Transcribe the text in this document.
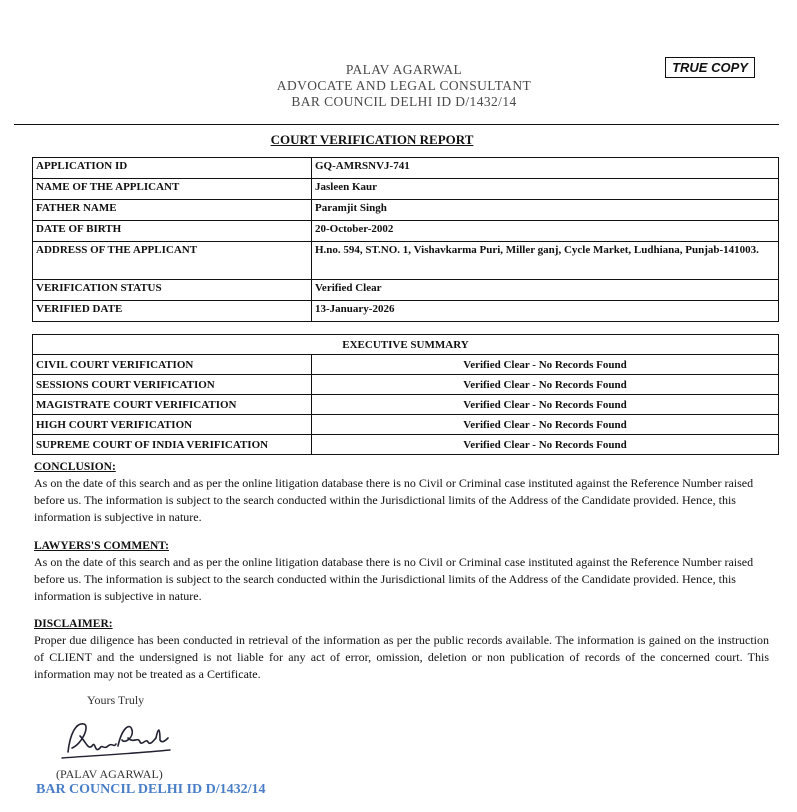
PALAV AGARWAL
ADVOCATE AND LEGAL CONSULTANT
BAR COUNCIL DELHI ID D/1432/14
TRUE COPY
COURT VERIFICATION REPORT
APPLICATION ID	GQ-AMRSNVJ-741
NAME OF THE APPLICANT	Jasleen Kaur
FATHER NAME	Paramjit Singh
DATE OF BIRTH	20-October-2002
ADDRESS OF THE APPLICANT	H.no. 594, ST.NO. 1, Vishavkarma Puri, Miller ganj, Cycle Market, Ludhiana, Punjab-141003.
VERIFICATION STATUS	Verified Clear
VERIFIED DATE	13-January-2026
EXECUTIVE SUMMARY	
CIVIL COURT VERIFICATION	Verified Clear - No Records Found
SESSIONS COURT VERIFICATION	Verified Clear - No Records Found
MAGISTRATE COURT VERIFICATION	Verified Clear - No Records Found
HIGH COURT VERIFICATION	Verified Clear - No Records Found
SUPREME COURT OF INDIA VERIFICATION	Verified Clear - No Records Found
CONCLUSION:

As on the date of this search and as per the online litigation database there is no Civil or Criminal case instituted against the Reference Number raised before us. The information is subject to the search conducted within the Jurisdictional limits of the Address of the Candidate provided. Hence, this information is subjective in nature.

LAWYERS'S COMMENT:

As on the date of this search and as per the online litigation database there is no Civil or Criminal case instituted against the Reference Number raised before us. The information is subject to the search conducted within the Jurisdictional limits of the Address of the Candidate provided. Hence, this information is subjective in nature.

DISCLAIMER:

Proper due diligence has been conducted in retrieval of the information as per the public records available. The information is gained on the instruction of CLIENT and the undersigned is not liable for any act of error, omission, deletion or non publication of records of the concerned court. This information may not be treated as a Certificate.

Yours Truly
(PALAV AGARWAL)
BAR COUNCIL DELHI ID D/1432/14
